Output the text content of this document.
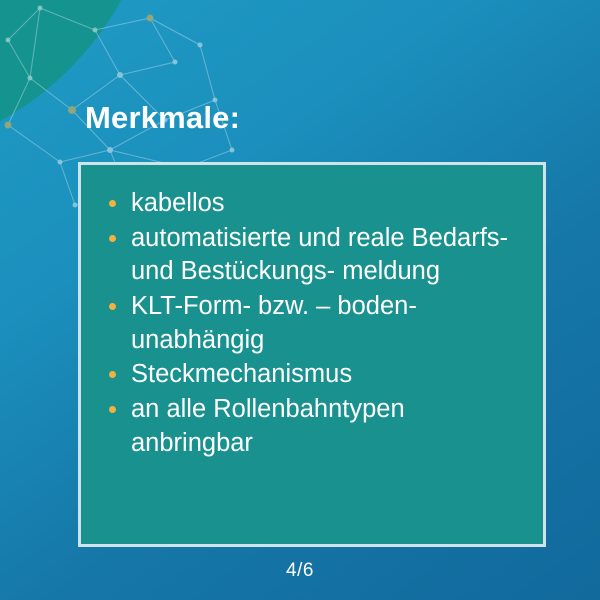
Merkmale:
kabellos
automatisierte und reale Bedarfs- und Bestückungs- meldung
KLT-Form- bzw. – boden- unabhängig
Steckmechanismus
an alle Rollenbahntypen anbringbar
4/6
